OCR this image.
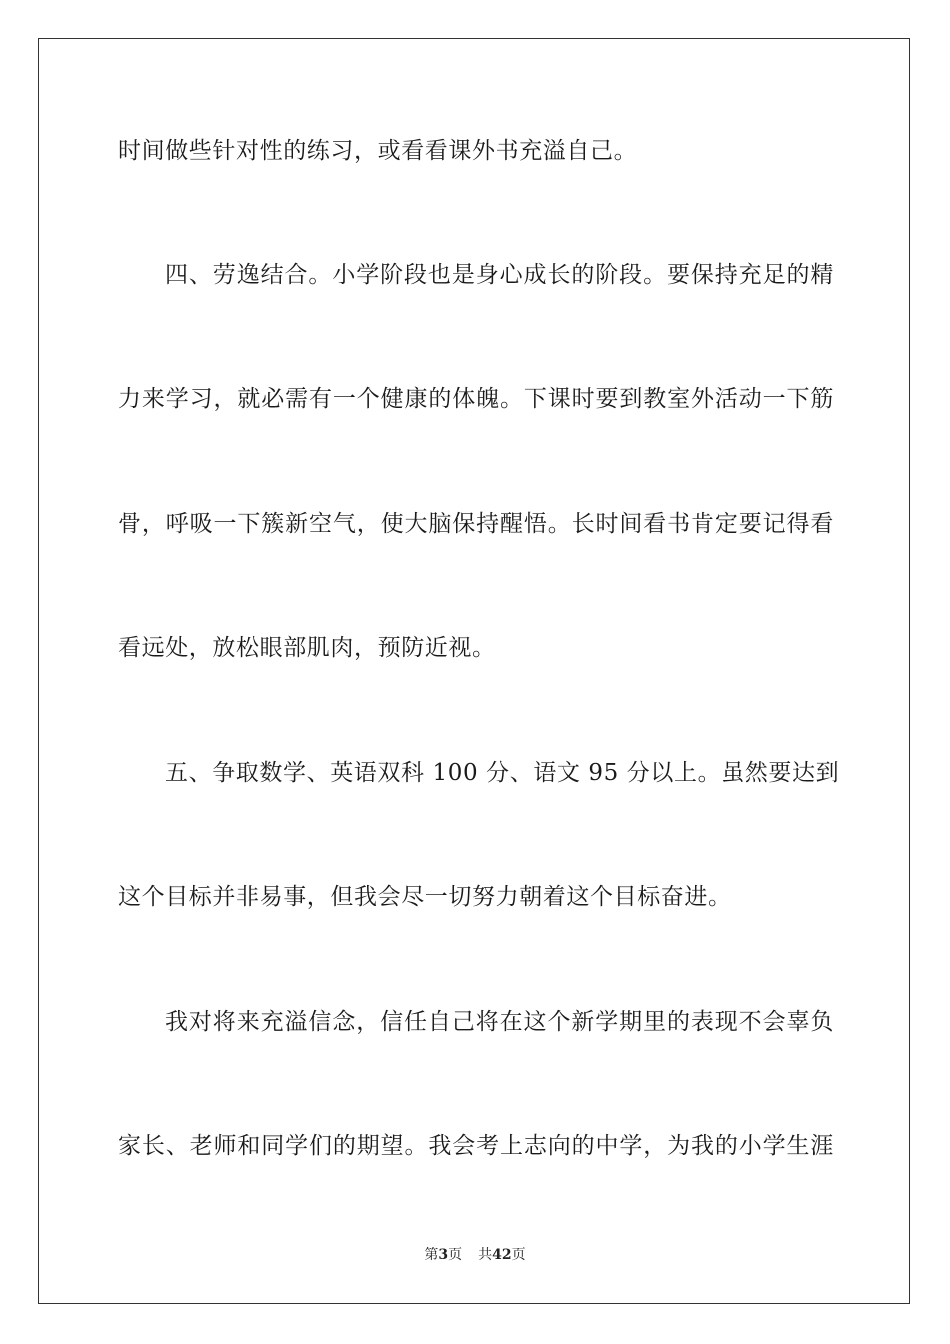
时间做些针对性的练习，或看看课外书充溢自己。
四、劳逸结合。小学阶段也是身心成长的阶段。要保持充足的精
力来学习，就必需有一个健康的体魄。下课时要到教室外活动一下筋
骨，呼吸一下簇新空气，使大脑保持醒悟。长时间看书肯定要记得看
看远处，放松眼部肌肉，预防近视。
五、争取数学、英语双科 100 分、语文 95 分以上。虽然要达到
这个目标并非易事，但我会尽一切努力朝着这个目标奋进。
我对将来充溢信念，信任自己将在这个新学期里的表现不会辜负
家长、老师和同学们的期望。我会考上志向的中学，为我的小学生涯
第3页 共42页
